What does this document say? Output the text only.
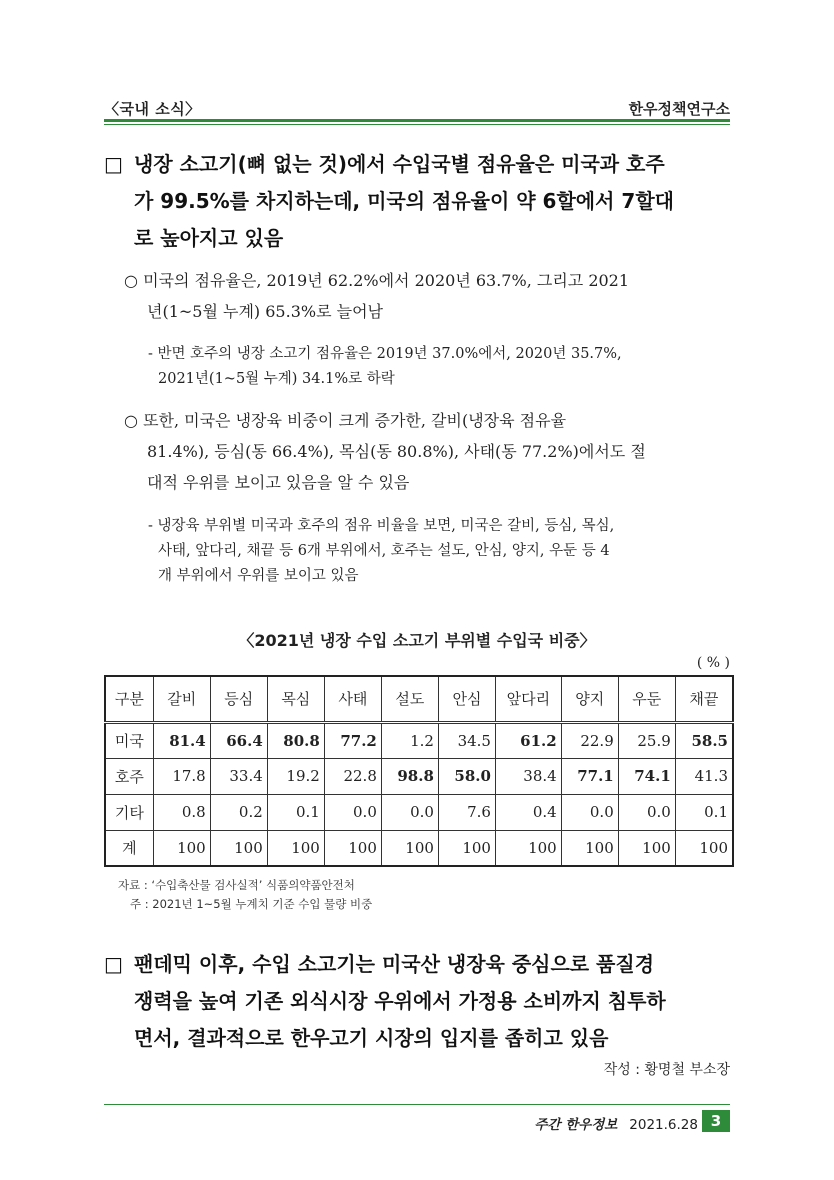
〈국내 소식〉	한우정책연구소
□ 냉장 소고기(뼈 없는 것)에서 수입국별 점유율은 미국과 호주
가 99.5%를 차지하는데, 미국의 점유율이 약 6할에서 7할대
로 높아지고 있음
○ 미국의 점유율은, 2019년 62.2%에서 2020년 63.7%, 그리고 2021
년(1~5월 누계) 65.3%로 늘어남
- 반면 호주의 냉장 소고기 점유율은 2019년 37.0%에서, 2020년 35.7%,
2021년(1~5월 누계) 34.1%로 하락
○ 또한, 미국은 냉장육 비중이 크게 증가한, 갈비(냉장육 점유율
81.4%), 등심(동 66.4%), 목심(동 80.8%), 사태(동 77.2%)에서도 절
대적 우위를 보이고 있음을 알 수 있음
- 냉장육 부위별 미국과 호주의 점유 비율을 보면, 미국은 갈비, 등심, 목심,
사태, 앞다리, 채끝 등 6개 부위에서, 호주는 설도, 안심, 양지, 우둔 등 4
개 부위에서 우위를 보이고 있음
〈2021년 냉장 수입 소고기 부위별 수입국 비중〉
( % )
구분	갈비	등심	목심	사태	설도	안심	앞다리	양지	우둔	채끝
미국	81.4	66.4	80.8	77.2	1.2	34.5	61.2	22.9	25.9	58.5
호주	17.8	33.4	19.2	22.8	98.8	58.0	38.4	77.1	74.1	41.3
기타	0.8	0.2	0.1	0.0	0.0	7.6	0.4	0.0	0.0	0.1
계	100	100	100	100	100	100	100	100	100	100
자료 : ‘수입축산물 검사실적’ 식품의약품안전처
주 : 2021년 1~5월 누계치 기준 수입 물량 비중
□ 팬데믹 이후, 수입 소고기는 미국산 냉장육 중심으로 품질경
쟁력을 높여 기존 외식시장 우위에서 가정용 소비까지 침투하
면서, 결과적으로 한우고기 시장의 입지를 좁히고 있음
작성 : 황명철 부소장
주간 한우정보 2021.6.28 3
